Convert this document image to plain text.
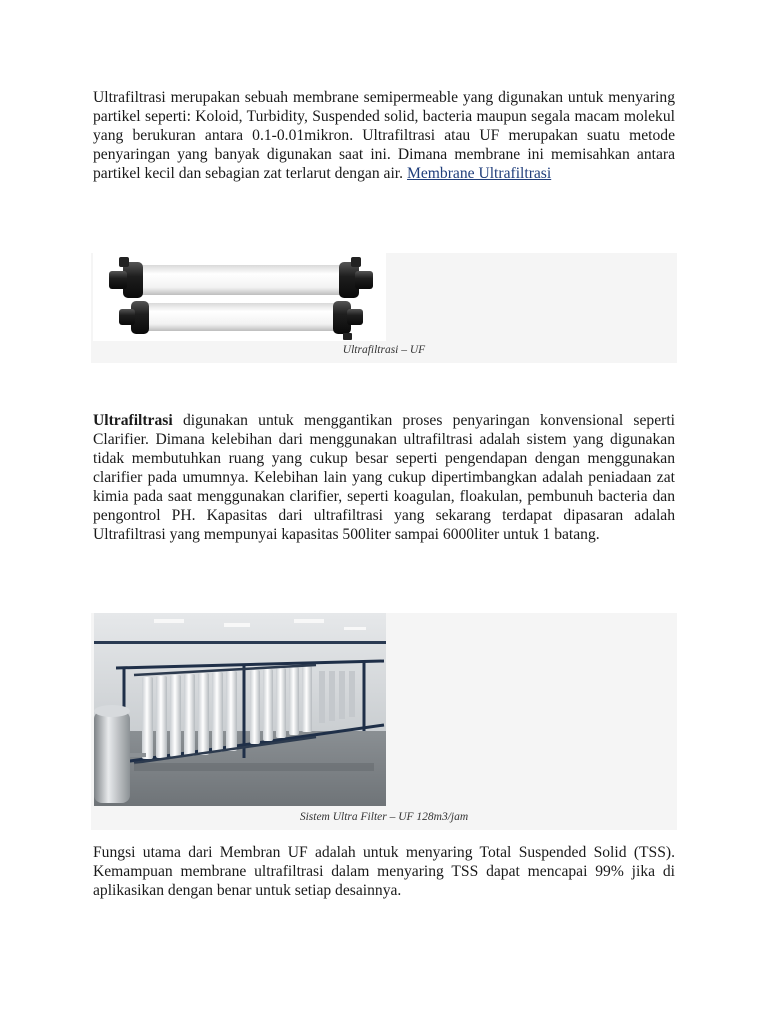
Ultrafiltrasi merupakan sebuah membrane semipermeable yang digunakan untuk menyaring partikel seperti: Koloid, Turbidity, Suspended solid, bacteria maupun segala macam molekul yang berukuran antara 0.1-0.01mikron. Ultrafiltrasi atau UF merupakan suatu metode penyaringan yang banyak digunakan saat ini. Dimana membrane ini memisahkan antara partikel kecil dan sebagian zat terlarut dengan air. Membrane Ultrafiltrasi

Ultrafiltrasi – UF

Ultrafiltrasi digunakan untuk menggantikan proses penyaringan konvensional seperti Clarifier. Dimana kelebihan dari menggunakan ultrafiltrasi adalah sistem yang digunakan tidak membutuhkan ruang yang cukup besar seperti pengendapan dengan menggunakan clarifier pada umumnya. Kelebihan lain yang cukup dipertimbangkan adalah peniadaan zat kimia pada saat menggunakan clarifier, seperti koagulan, floakulan, pembunuh bacteria dan pengontrol PH. Kapasitas dari ultrafiltrasi yang sekarang terdapat dipasaran adalah Ultrafiltrasi yang mempunyai kapasitas 500liter sampai 6000liter untuk 1 batang.

Sistem Ultra Filter – UF 128m3/jam

Fungsi utama dari Membran UF adalah untuk menyaring Total Suspended Solid (TSS). Kemampuan membrane ultrafiltrasi dalam menyaring TSS dapat mencapai 99% jika di aplikasikan dengan benar untuk setiap desainnya.
